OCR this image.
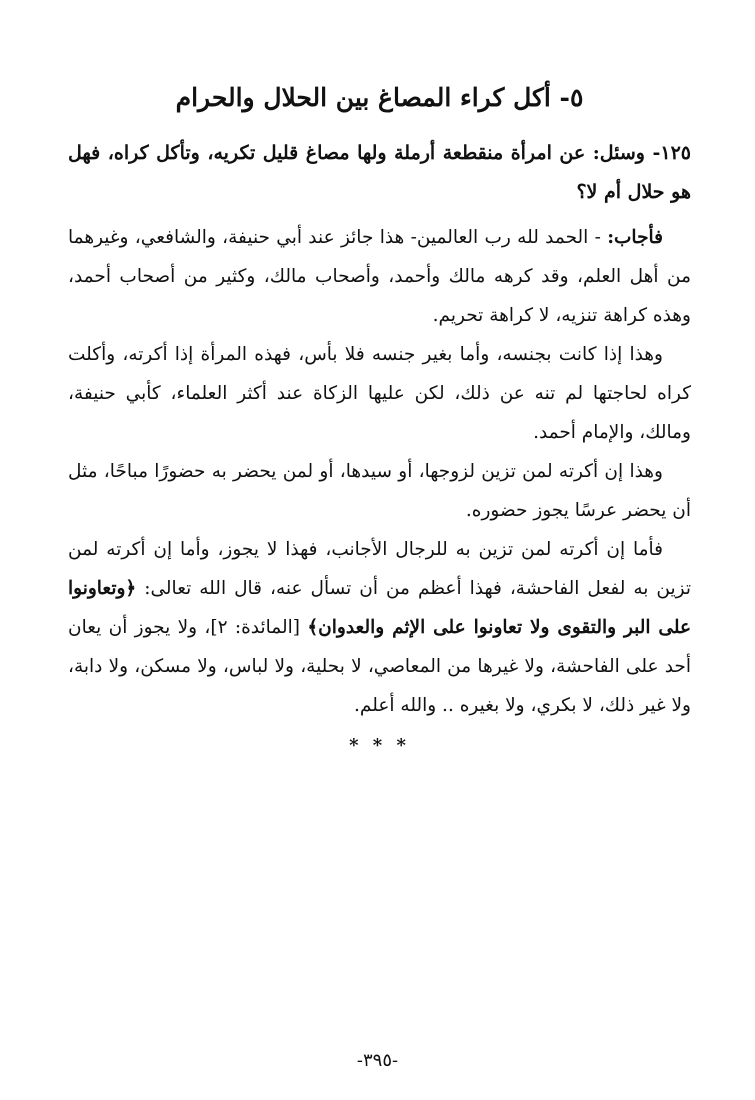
٥- أكل كراء المصاغ بين الحلال والحرام

١٢٥- وسئل: عن امرأة منقطعة أرملة ولها مصاغ قليل تكريه، وتأكل كراه، فهل هو حلال أم لا؟

فأجاب: - الحمد لله رب العالمين- هذا جائز عند أبي حنيفة، والشافعي، وغيرهما من أهل العلم، وقد كرهه مالك وأحمد، وأصحاب مالك، وكثير من أصحاب أحمد، وهذه كراهة تنزيه، لا كراهة تحريم.

وهذا إذا كانت بجنسه، وأما بغير جنسه فلا بأس، فهذه المرأة إذا أكرته، وأكلت كراه لحاجتها لم تنه عن ذلك، لكن عليها الزكاة عند أكثر العلماء، كأبي حنيفة، ومالك، والإمام أحمد.

وهذا إن أكرته لمن تزين لزوجها، أو سيدها، أو لمن يحضر به حضورًا مباحًا، مثل أن يحضر عرسًا يجوز حضوره.

فأما إن أكرته لمن تزين به للرجال الأجانب، فهذا لا يجوز، وأما إن أكرته لمن تزين به لفعل الفاحشة، فهذا أعظم من أن تسأل عنه، قال الله تعالى: ﴿وتعاونوا على البر والتقوى ولا تعاونوا على الإثم والعدوان﴾ [المائدة: ٢]، ولا يجوز أن يعان أحد على الفاحشة، ولا غيرها من المعاصي، لا بحلية، ولا لباس، ولا مسكن، ولا دابة، ولا غير ذلك، لا بكري، ولا بغيره .. والله أعلم.

* * *
-٣٩٥-
